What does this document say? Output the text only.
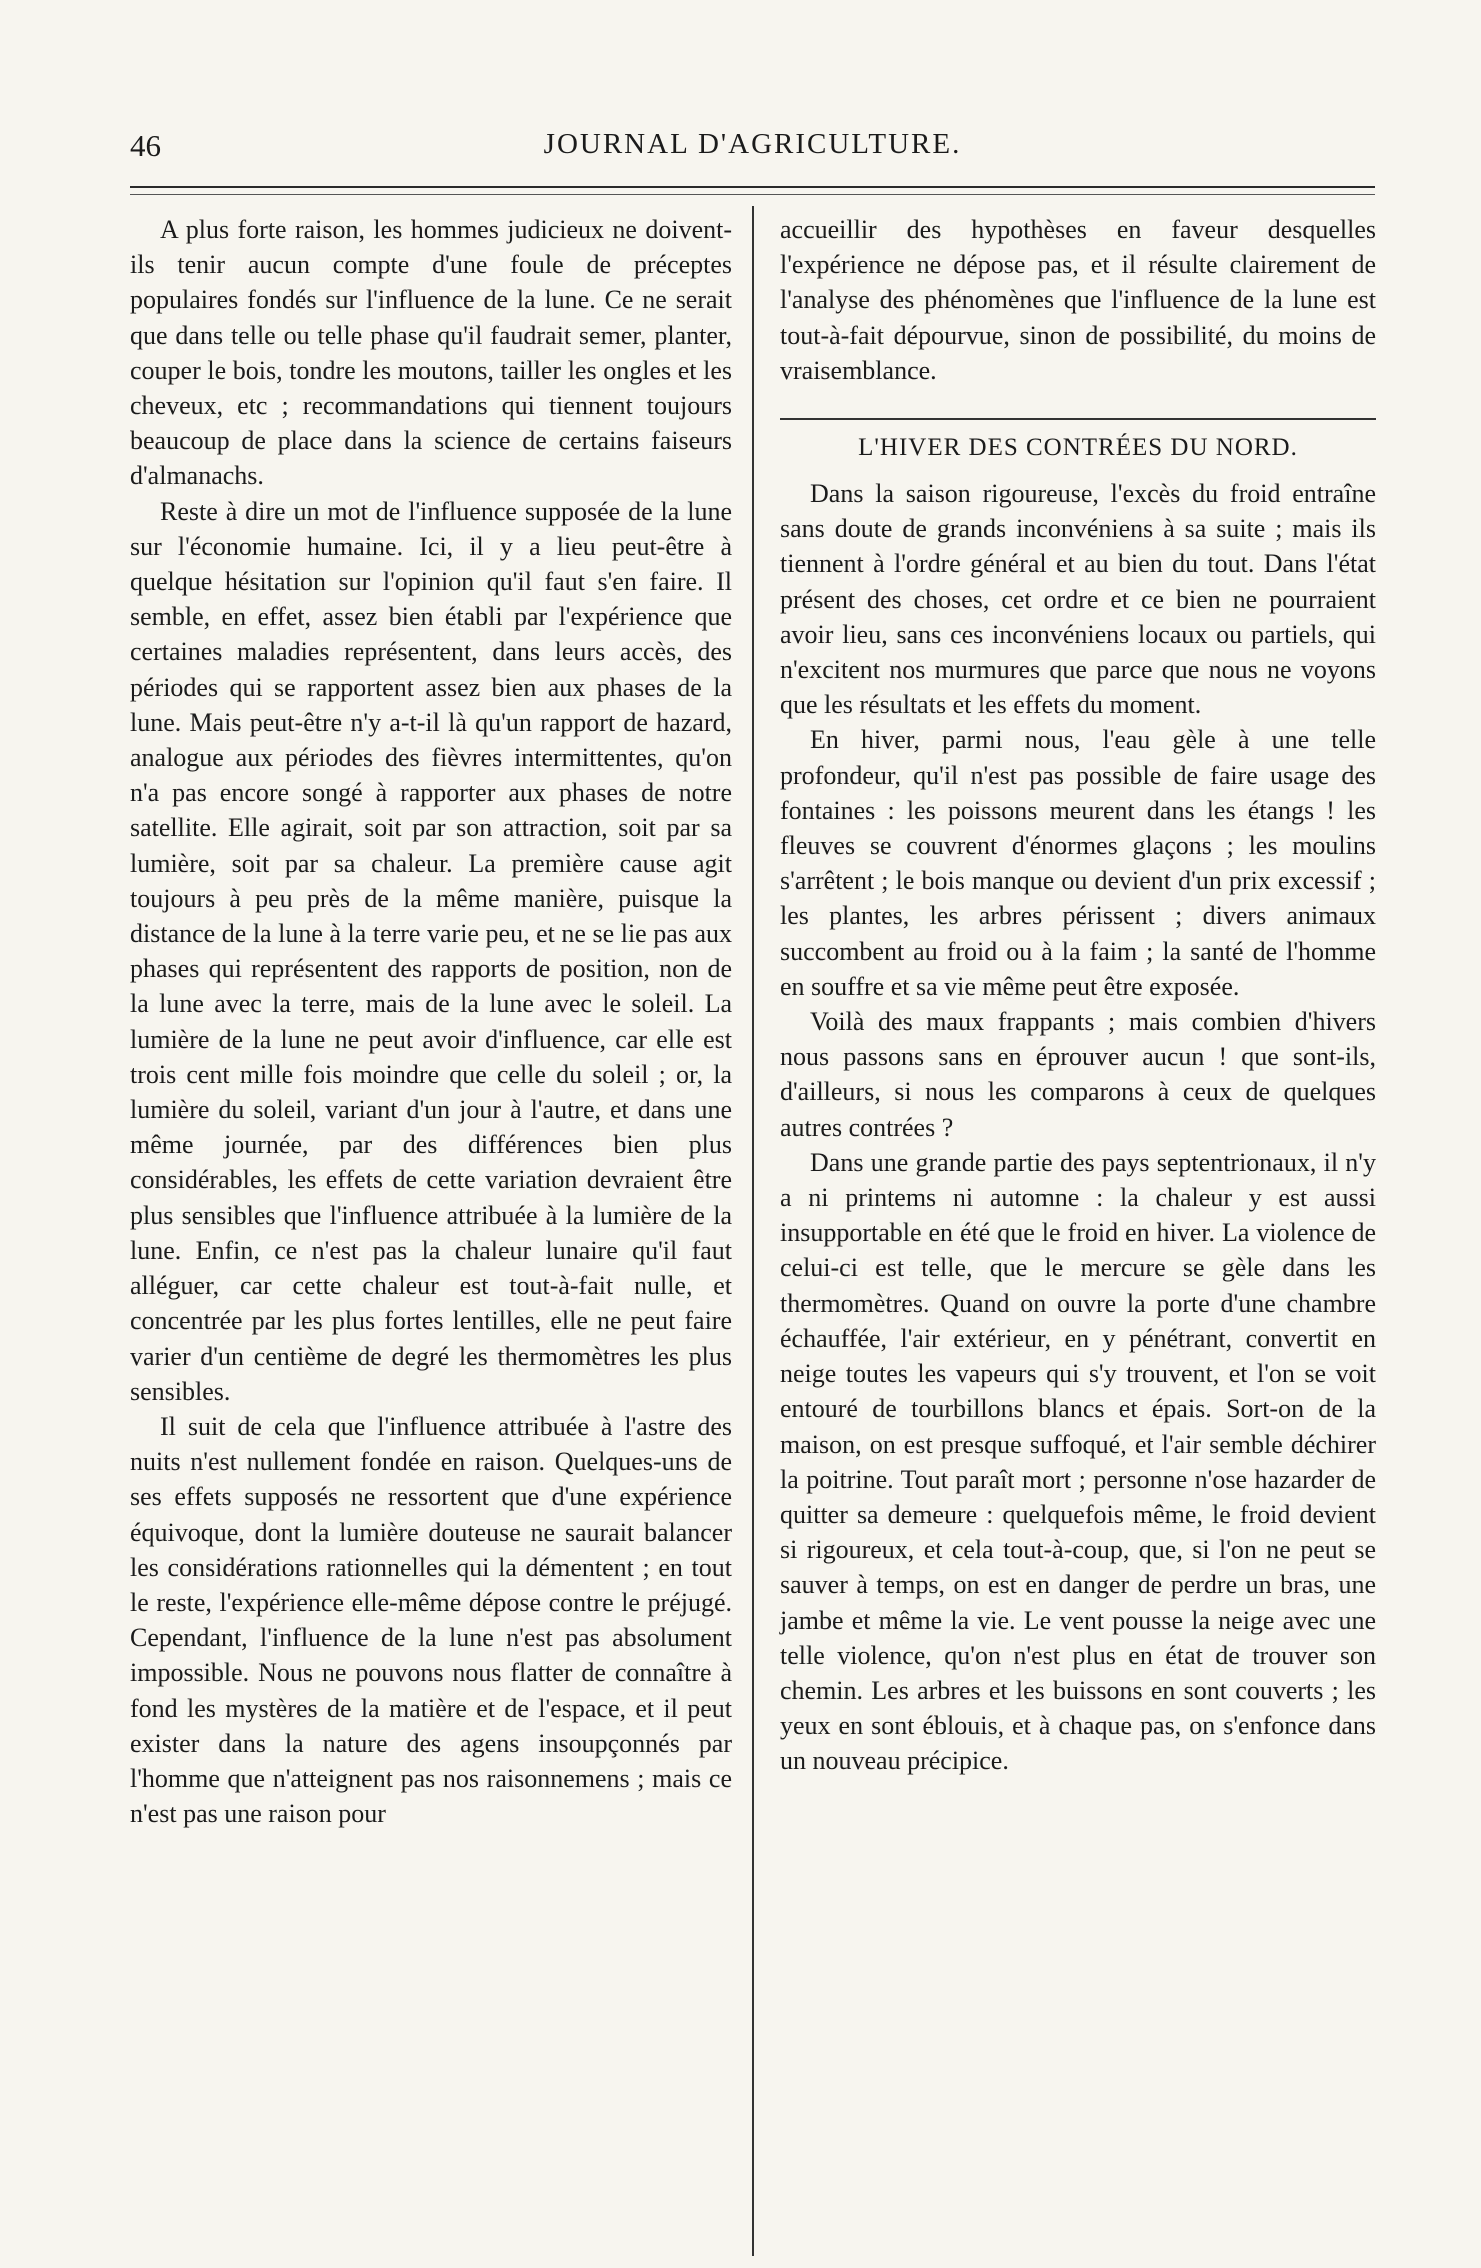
46	JOURNAL D'AGRICULTURE.

A plus forte raison, les hommes judicieux ne doivent-ils tenir aucun compte d'une foule de préceptes populaires fondés sur l'influence de la lune. Ce ne serait que dans telle ou telle phase qu'il faudrait semer, planter, couper le bois, tondre les moutons, tailler les ongles et les cheveux, etc ; recommandations qui tiennent toujours beaucoup de place dans la science de certains faiseurs d'almanachs.

Reste à dire un mot de l'influence supposée de la lune sur l'économie humaine. Ici, il y a lieu peut-être à quelque hésitation sur l'opinion qu'il faut s'en faire. Il semble, en effet, assez bien établi par l'expérience que certaines maladies représentent, dans leurs accès, des périodes qui se rapportent assez bien aux phases de la lune. Mais peut-être n'y a-t-il là qu'un rapport de hazard, analogue aux périodes des fièvres intermittentes, qu'on n'a pas encore songé à rapporter aux phases de notre satellite. Elle agirait, soit par son attraction, soit par sa lumière, soit par sa chaleur. La première cause agit toujours à peu près de la même manière, puisque la distance de la lune à la terre varie peu, et ne se lie pas aux phases qui représentent des rapports de position, non de la lune avec la terre, mais de la lune avec le soleil. La lumière de la lune ne peut avoir d'influence, car elle est trois cent mille fois moindre que celle du soleil ; or, la lumière du soleil, variant d'un jour à l'autre, et dans une même journée, par des différences bien plus considérables, les effets de cette variation devraient être plus sensibles que l'influence attribuée à la lumière de la lune. Enfin, ce n'est pas la chaleur lunaire qu'il faut alléguer, car cette chaleur est tout-à-fait nulle, et concentrée par les plus fortes lentilles, elle ne peut faire varier d'un centième de degré les thermomètres les plus sensibles.

Il suit de cela que l'influence attribuée à l'astre des nuits n'est nullement fondée en raison. Quelques-uns de ses effets supposés ne ressortent que d'une expérience équivoque, dont la lumière douteuse ne saurait balancer les considérations rationnelles qui la démentent ; en tout le reste, l'expérience elle-même dépose contre le préjugé. Cependant, l'influence de la lune n'est pas absolument impossible. Nous ne pouvons nous flatter de connaître à fond les mystères de la matière et de l'espace, et il peut exister dans la nature des agens insoupçonnés par l'homme que n'atteignent pas nos raisonnemens ; mais ce n'est pas une raison pour

accueillir des hypothèses en faveur desquelles l'expérience ne dépose pas, et il résulte clairement de l'analyse des phénomènes que l'influence de la lune est tout-à-fait dépourvue, sinon de possibilité, du moins de vraisemblance.

L'HIVER DES CONTRÉES DU NORD.

Dans la saison rigoureuse, l'excès du froid entraîne sans doute de grands inconvéniens à sa suite ; mais ils tiennent à l'ordre général et au bien du tout. Dans l'état présent des choses, cet ordre et ce bien ne pourraient avoir lieu, sans ces inconvéniens locaux ou partiels, qui n'excitent nos murmures que parce que nous ne voyons que les résultats et les effets du moment.

En hiver, parmi nous, l'eau gèle à une telle profondeur, qu'il n'est pas possible de faire usage des fontaines : les poissons meurent dans les étangs ! les fleuves se couvrent d'énormes glaçons ; les moulins s'arrêtent ; le bois manque ou devient d'un prix excessif ; les plantes, les arbres périssent ; divers animaux succombent au froid ou à la faim ; la santé de l'homme en souffre et sa vie même peut être exposée.

Voilà des maux frappants ; mais combien d'hivers nous passons sans en éprouver aucun ! que sont-ils, d'ailleurs, si nous les comparons à ceux de quelques autres contrées ?

Dans une grande partie des pays septentrionaux, il n'y a ni printems ni automne : la chaleur y est aussi insupportable en été que le froid en hiver. La violence de celui-ci est telle, que le mercure se gèle dans les thermomètres. Quand on ouvre la porte d'une chambre échauffée, l'air extérieur, en y pénétrant, convertit en neige toutes les vapeurs qui s'y trouvent, et l'on se voit entouré de tourbillons blancs et épais. Sort-on de la maison, on est presque suffoqué, et l'air semble déchirer la poitrine. Tout paraît mort ; personne n'ose hazarder de quitter sa demeure : quelquefois même, le froid devient si rigoureux, et cela tout-à-coup, que, si l'on ne peut se sauver à temps, on est en danger de perdre un bras, une jambe et même la vie. Le vent pousse la neige avec une telle violence, qu'on n'est plus en état de trouver son chemin. Les arbres et les buissons en sont couverts ; les yeux en sont éblouis, et à chaque pas, on s'enfonce dans un nouveau précipice.
